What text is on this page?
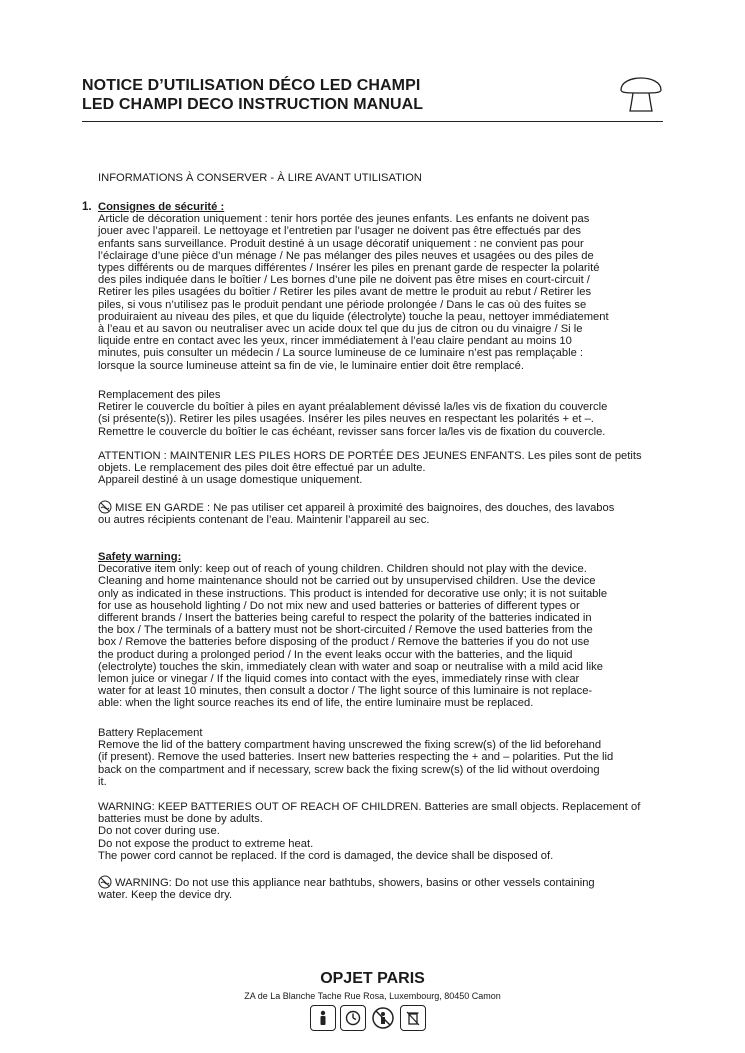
NOTICE D’UTILISATION DÉCO LED CHAMPI
LED CHAMPI DECO INSTRUCTION MANUAL
INFORMATIONS À CONSERVER - À LIRE AVANT UTILISATION
1. Consignes de sécurité :

Article de décoration uniquement : tenir hors portée des jeunes enfants. Les enfants ne doivent pas

jouer avec l’appareil. Le nettoyage et l’entretien par l’usager ne doivent pas être effectués par des

enfants sans surveillance. Produit destiné à un usage décoratif uniquement : ne convient pas pour

l’éclairage d’une pièce d’un ménage / Ne pas mélanger des piles neuves et usagées ou des piles de

types différents ou de marques différentes / Insérer les piles en prenant garde de respecter la polarité

des piles indiquée dans le boîtier / Les bornes d’une pile ne doivent pas être mises en court-circuit /

Retirer les piles usagées du boîtier / Retirer les piles avant de mettre le produit au rebut / Retirer les

piles, si vous n’utilisez pas le produit pendant une période prolongée / Dans le cas où des fuites se

produiraient au niveau des piles, et que du liquide (électrolyte) touche la peau, nettoyer immédiatement

à l’eau et au savon ou neutraliser avec un acide doux tel que du jus de citron ou du vinaigre / Si le

liquide entre en contact avec les yeux, rincer immédiatement à l’eau claire pendant au moins 10

minutes, puis consulter un médecin / La source lumineuse de ce luminaire n’est pas remplaçable :

lorsque la source lumineuse atteint sa fin de vie, le luminaire entier doit être remplacé.

Remplacement des piles

Retirer le couvercle du boîtier à piles en ayant préalablement dévissé la/les vis de fixation du couvercle

(si présente(s)). Retirer les piles usagées. Insérer les piles neuves en respectant les polarités + et –.

Remettre le couvercle du boîtier le cas échéant, revisser sans forcer la/les vis de fixation du couvercle.

ATTENTION : MAINTENIR LES PILES HORS DE PORTÉE DES JEUNES ENFANTS. Les piles sont de petits

objets. Le remplacement des piles doit être effectué par un adulte.

Appareil destiné à un usage domestique uniquement.

MISE EN GARDE : Ne pas utiliser cet appareil à proximité des baignoires, des douches, des lavabos

ou autres récipients contenant de l’eau. Maintenir l’appareil au sec.

Safety warning:

Decorative item only: keep out of reach of young children. Children should not play with the device.

Cleaning and home maintenance should not be carried out by unsupervised children. Use the device

only as indicated in these instructions. This product is intended for decorative use only; it is not suitable

for use as household lighting / Do not mix new and used batteries or batteries of different types or

different brands / Insert the batteries being careful to respect the polarity of the batteries indicated in

the box / The terminals of a battery must not be short-circuited / Remove the used batteries from the

box / Remove the batteries before disposing of the product / Remove the batteries if you do not use

the product during a prolonged period / In the event leaks occur with the batteries, and the liquid

(electrolyte) touches the skin, immediately clean with water and soap or neutralise with a mild acid like

lemon juice or vinegar / If the liquid comes into contact with the eyes, immediately rinse with clear

water for at least 10 minutes, then consult a doctor / The light source of this luminaire is not replace-

able: when the light source reaches its end of life, the entire luminaire must be replaced.

Battery Replacement

Remove the lid of the battery compartment having unscrewed the fixing screw(s) of the lid beforehand

(if present). Remove the used batteries. Insert new batteries respecting the + and – polarities. Put the lid

back on the compartment and if necessary, screw back the fixing screw(s) of the lid without overdoing

it.

WARNING: KEEP BATTERIES OUT OF REACH OF CHILDREN. Batteries are small objects. Replacement of

batteries must be done by adults.

Do not cover during use.

Do not expose the product to extreme heat.

The power cord cannot be replaced. If the cord is damaged, the device shall be disposed of.

WARNING: Do not use this appliance near bathtubs, showers, basins or other vessels containing

water. Keep the device dry.

OPJET PARIS
ZA de La Blanche Tache Rue Rosa, Luxembourg, 80450 Camon
